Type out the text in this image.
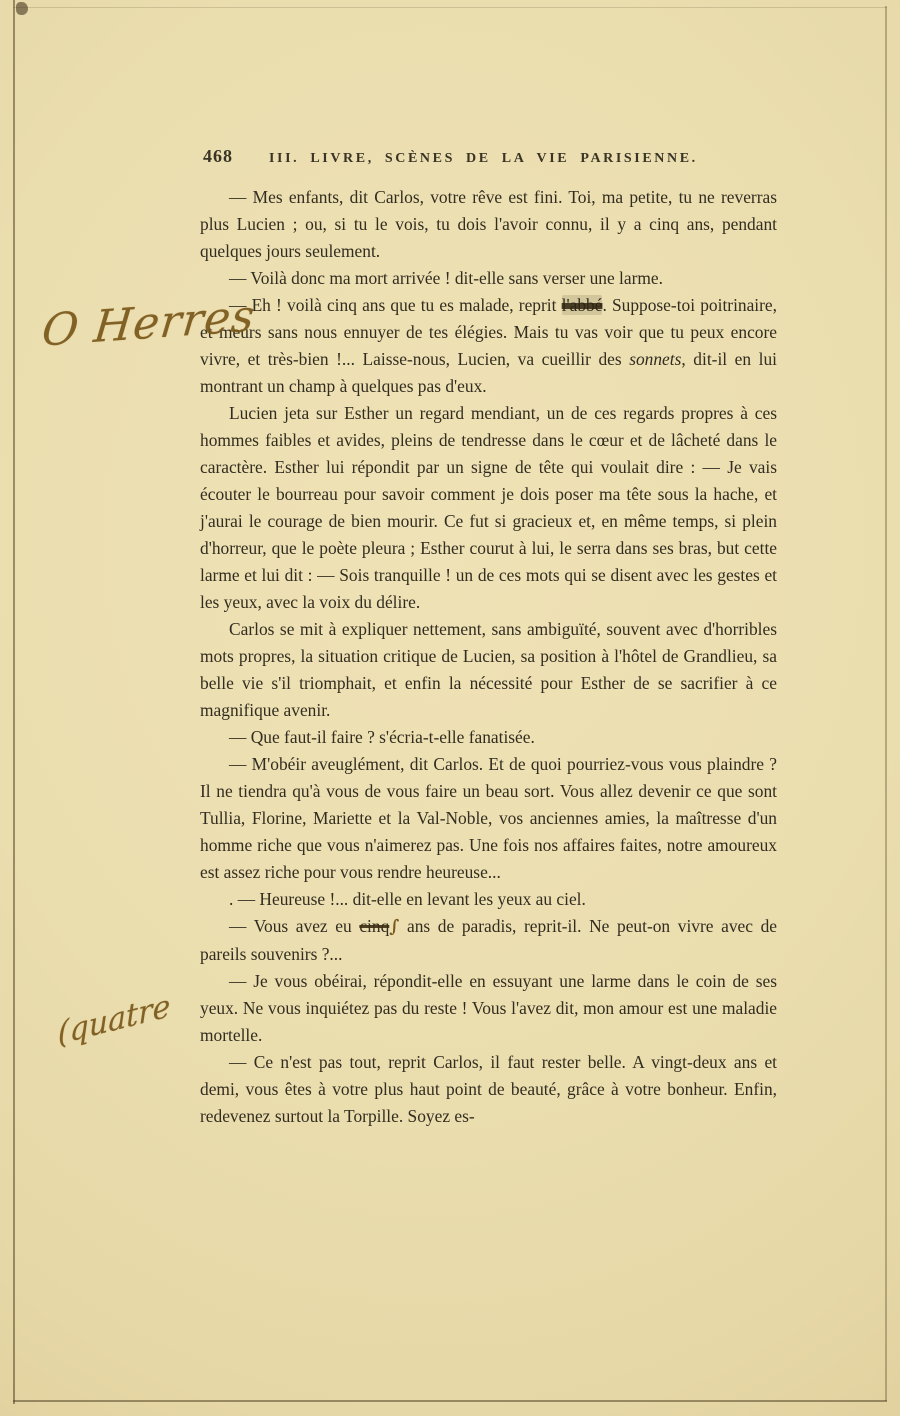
468	III. LIVRE, SCÈNES DE LA VIE PARISIENNE.

— Mes enfants, dit Carlos, votre rêve est fini. Toi, ma petite, tu ne reverras plus Lucien ; ou, si tu le vois, tu dois l'avoir connu, il y a cinq ans, pendant quelques jours seulement.

— Voilà donc ma mort arrivée ! dit-elle sans verser une larme.

— Eh ! voilà cinq ans que tu es malade, reprit l'abbé. Suppose-toi poitrinaire, et meurs sans nous ennuyer de tes élégies. Mais tu vas voir que tu peux encore vivre, et très-bien !... Laisse-nous, Lucien, va cueillir des sonnets, dit-il en lui montrant un champ à quelques pas d'eux.

Lucien jeta sur Esther un regard mendiant, un de ces regards propres à ces hommes faibles et avides, pleins de tendresse dans le cœur et de lâcheté dans le caractère. Esther lui répondit par un signe de tête qui voulait dire : — Je vais écouter le bourreau pour savoir comment je dois poser ma tête sous la hache, et j'aurai le courage de bien mourir. Ce fut si gracieux et, en même temps, si plein d'horreur, que le poète pleura ; Esther courut à lui, le serra dans ses bras, but cette larme et lui dit : — Sois tranquille ! un de ces mots qui se disent avec les gestes et les yeux, avec la voix du délire.

Carlos se mit à expliquer nettement, sans ambiguïté, souvent avec d'horribles mots propres, la situation critique de Lucien, sa position à l'hôtel de Grandlieu, sa belle vie s'il triomphait, et enfin la nécessité pour Esther de se sacrifier à ce magnifique avenir.

— Que faut-il faire ? s'écria-t-elle fanatisée.

— M'obéir aveuglément, dit Carlos. Et de quoi pourriez-vous vous plaindre ? Il ne tiendra qu'à vous de vous faire un beau sort. Vous allez devenir ce que sont Tullia, Florine, Mariette et la Val-Noble, vos anciennes amies, la maîtresse d'un homme riche que vous n'aimerez pas. Une fois nos affaires faites, notre amoureux est assez riche pour vous rendre heureuse...

. — Heureuse !... dit-elle en levant les yeux au ciel.

— Vous avez eu cinq∫ ans de paradis, reprit-il. Ne peut-on vivre avec de pareils souvenirs ?...

— Je vous obéirai, répondit-elle en essuyant une larme dans le coin de ses yeux. Ne vous inquiétez pas du reste ! Vous l'avez dit, mon amour est une maladie mortelle.

— Ce n'est pas tout, reprit Carlos, il faut rester belle. A vingt-deux ans et demi, vous êtes à votre plus haut point de beauté, grâce à votre bonheur. Enfin, redevenez surtout la Torpille. Soyez es-

O Herres
(quatre
